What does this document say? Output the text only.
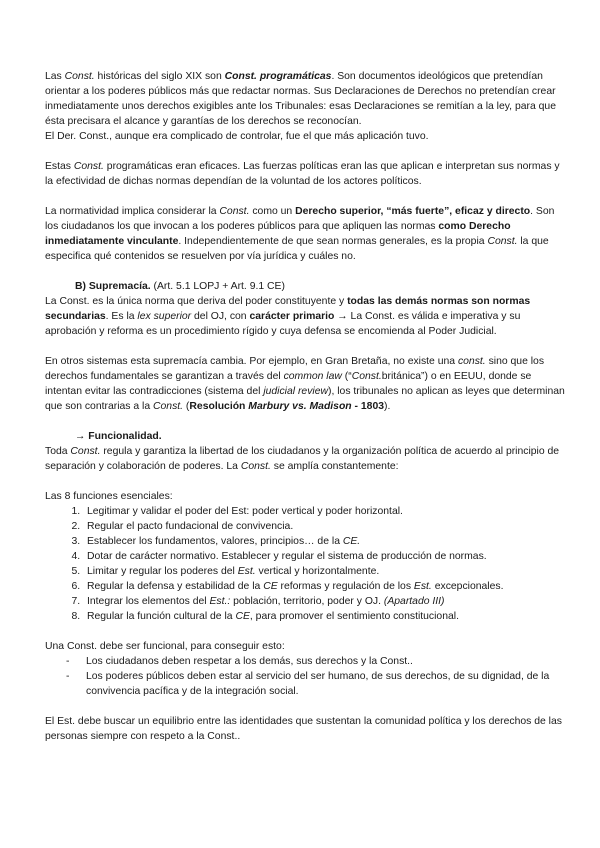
Las Const. históricas del siglo XIX son Const. programáticas. Son documentos ideológicos que pretendían orientar a los poderes públicos más que redactar normas. Sus Declaraciones de Derechos no pretendían crear inmediatamente unos derechos exigibles ante los Tribunales: esas Declaraciones se remitían a la ley, para que ésta precisara el alcance y garantías de los derechos se reconocían.

El Der. Const., aunque era complicado de controlar, fue el que más aplicación tuvo.

Estas Const. programáticas eran eficaces. Las fuerzas políticas eran las que aplican e interpretan sus normas y la efectividad de dichas normas dependían de la voluntad de los actores políticos.

La normatividad implica considerar la Const. como un Derecho superior, “más fuerte”, eficaz y directo. Son los ciudadanos los que invocan a los poderes públicos para que apliquen las normas como Derecho inmediatamente vinculante. Independientemente de que sean normas generales, es la propia Const. la que especifica qué contenidos se resuelven por vía jurídica y cuáles no.

B) Supremacía. (Art. 5.1 LOPJ + Art. 9.1 CE)

La Const. es la única norma que deriva del poder constituyente y todas las demás normas son normas secundarias. Es la lex superior del OJ, con carácter primario → La Const. es válida e imperativa y su aprobación y reforma es un procedimiento rígido y cuya defensa se encomienda al Poder Judicial.

En otros sistemas esta supremacía cambia. Por ejemplo, en Gran Bretaña, no existe una const. sino que los derechos fundamentales se garantizan a través del common law (“Const.británica”) o en EEUU, donde se intentan evitar las contradicciones (sistema del judicial review), los tribunales no aplican as leyes que determinan que son contrarias a la Const. (Resolución Marbury vs. Madison - 1803).

→ Funcionalidad.

Toda Const. regula y garantiza la libertad de los ciudadanos y la organización política de acuerdo al principio de separación y colaboración de poderes. La Const. se amplía constantemente:

Las 8 funciones esenciales:

1. Legitimar y validar el poder del Est: poder vertical y poder horizontal.
2. Regular el pacto fundacional de convivencia.
3. Establecer los fundamentos, valores, principios… de la CE.
4. Dotar de carácter normativo. Establecer y regular el sistema de producción de normas.
5. Limitar y regular los poderes del Est. vertical y horizontalmente.
6. Regular la defensa y estabilidad de la CE reformas y regulación de los Est. excepcionales.
7. Integrar los elementos del Est.: población, territorio, poder y OJ. (Apartado III)
8. Regular la función cultural de la CE, para promover el sentimiento constitucional.

Una Const. debe ser funcional, para conseguir esto:

- Los ciudadanos deben respetar a los demás, sus derechos y la Const..
- Los poderes públicos deben estar al servicio del ser humano, de sus derechos, de su dignidad, de la convivencia pacífica y de la integración social.

El Est. debe buscar un equilibrio entre las identidades que sustentan la comunidad política y los derechos de las personas siempre con respeto a la Const..
